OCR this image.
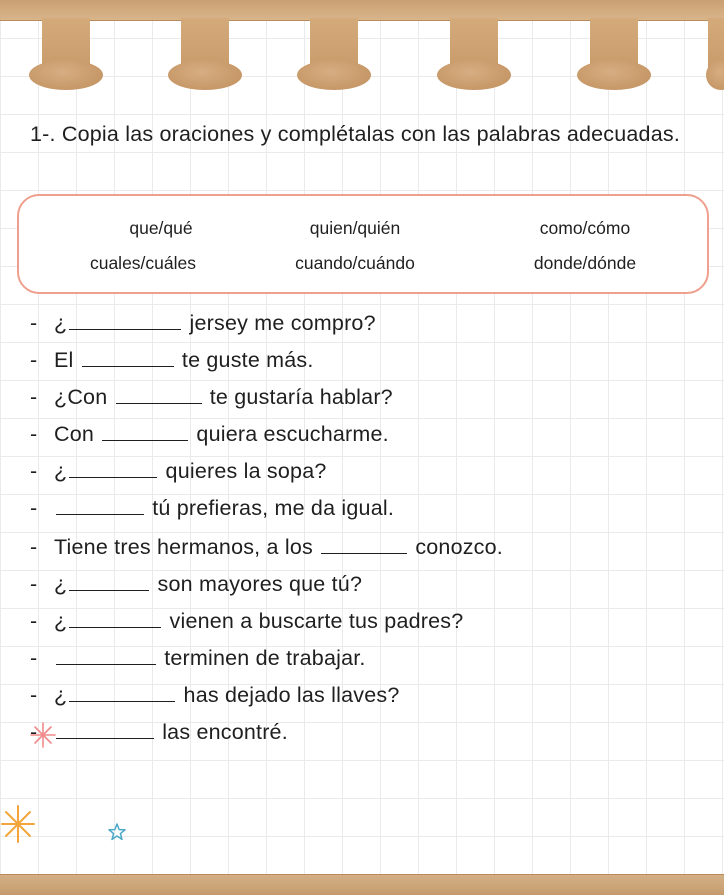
1-. Copia las oraciones y complétalas con las palabras adecuadas.

que/qué	quien/quién	como/cómo
cuales/cuáles	cuando/cuándo	donde/dónde
- ¿	jersey me compro?
- El	te guste más.
- ¿Con	te gustaría hablar?
- Con	quiera escucharme.
- ¿	quieres la sopa?
-	tú prefieras, me da igual.
- Tiene tres hermanos, a los	conozco.
- ¿	son mayores que tú?
- ¿	vienen a buscarte tus padres?
-	terminen de trabajar.
- ¿	has dejado las llaves?
-	las encontré.
